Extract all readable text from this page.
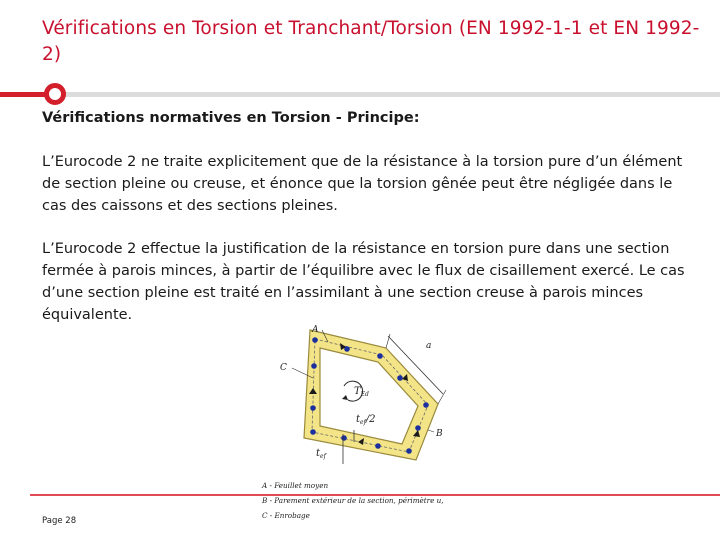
Vérifications en Torsion et Tranchant/Torsion (EN 1992-1-1 et EN 1992-2)
Vérifications normatives en Torsion - Principe:
L’Eurocode 2 ne traite explicitement que de la résistance à la torsion pure d’un élément de section pleine ou creuse, et énonce que la torsion gênée peut être négligée dans le cas des caissons et des sections pleines.
L’Eurocode 2 effectue la justification de la résistance en torsion pure dans une section fermée à parois minces, à partir de l’équilibre avec le flux de cisaillement exercé. Le cas d’une section pleine est traité en l’assimilant à une section creuse à parois minces équivalente.
A
C
B
a
$T_{Ed}$
$t_{ef}/2$
$t_{ef}$
A - Feuillet moyen
B - Parement extérieur de la section, périmètre u,
C - Enrobage
Page 28
